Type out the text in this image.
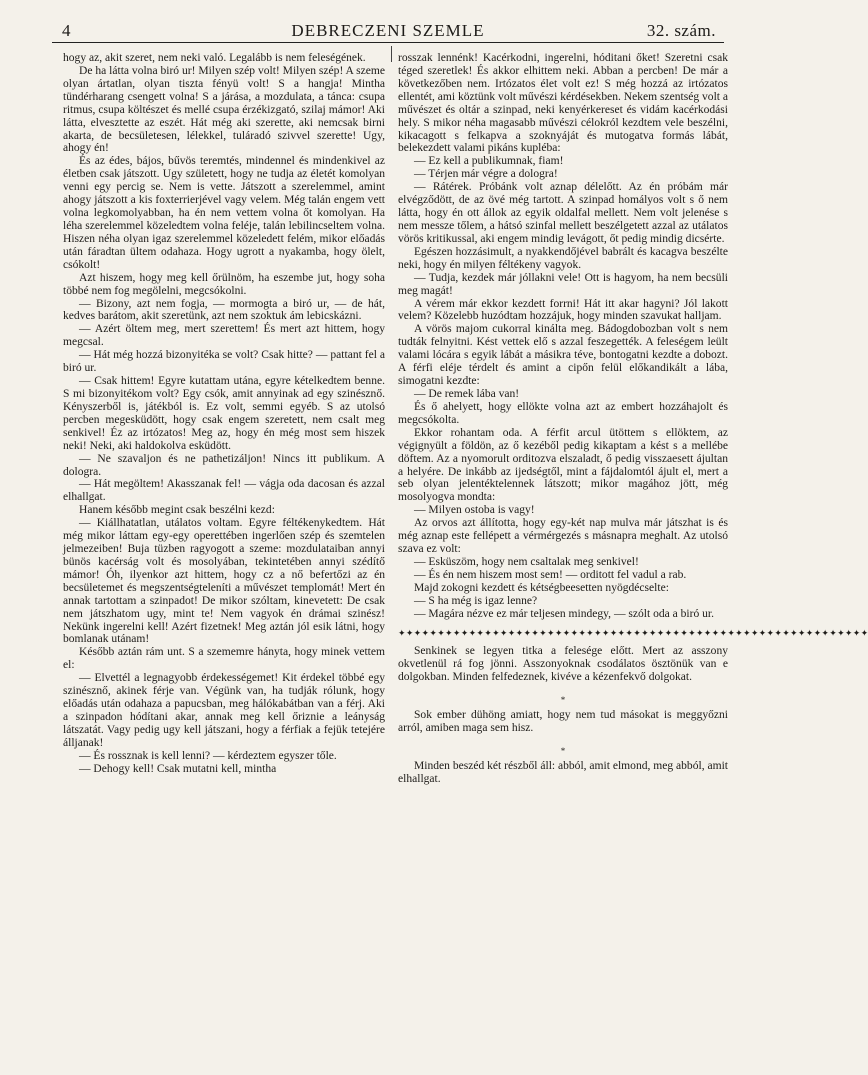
4	DEBRECZENI SZEMLE	32. szám.

hogy az, akit szeret, nem neki való. Legalább is nem feleségének.

De ha látta volna biró ur! Milyen szép volt! Milyen szép! A szeme olyan ártatlan, olyan tiszta fényü volt! S a hangja! Mintha tündérharang csengett volna! S a járása, a mozdulata, a tánca: csupa ritmus, csupa költészet és mellé csupa érzékizgató, szilaj mámor! Aki látta, elvesztette az eszét. Hát még aki szerette, aki nemcsak birni akarta, de becsületesen, lélekkel, tuláradó szivvel szerette! Ugy, ahogy én!

És az édes, bájos, bűvös teremtés, mindennel és mindenkivel az életben csak játszott. Ugy született, hogy ne tudja az életét komolyan venni egy percig se. Nem is vette. Játszott a szerelemmel, amint ahogy játszott a kis foxterrierjével vagy velem. Még talán engem vett volna legkomolyabban, ha én nem vettem volna őt komolyan. Ha léha szerelemmel közeledtem volna feléje, talán lebilincseltem volna. Hiszen néha olyan igaz szerelemmel közeledett felém, mikor előadás után fáradtan ültem odahaza. Hogy ugrott a nyakamba, hogy ölelt, csókolt!

Azt hiszem, hogy meg kell őrülnöm, ha eszembe jut, hogy soha többé nem fog megölelni, megcsókolni.

— Bizony, azt nem fogja, — mormogta a biró ur, — de hát, kedves barátom, akit szeretünk, azt nem szoktuk ám lebicskázni.

— Azért öltem meg, mert szerettem! És mert azt hittem, hogy megcsal.

— Hát még hozzá bizonyitéka se volt? Csak hitte? — pattant fel a biró ur.

— Csak hittem! Egyre kutattam utána, egyre kételkedtem benne. S mi bizonyitékom volt? Egy csók, amit annyinak ad egy szinésznő. Kényszerből is, játékból is. Ez volt, semmi egyéb. S az utolsó percben megesküdött, hogy csak engem szeretett, nem csalt meg senkivel! Éz az irtózatos! Meg az, hogy én még most sem hiszek neki! Neki, aki haldokolva esküdött.

— Ne szavaljon és ne pathetizáljon! Nincs itt publikum. A dologra.

— Hát megöltem! Akasszanak fel! — vágja oda dacosan és azzal elhallgat.

Hanem később megint csak beszélni kezd:

— Kiállhatatlan, utálatos voltam. Egyre féltékenykedtem. Hát még mikor láttam egy-egy operettében ingerlően szép és szemtelen jelmezeiben! Buja tüzben ragyogott a szeme: mozdulataiban annyi bünös kacérság volt és mosolyában, tekintetében annyi szédítő mámor! Óh, ilyenkor azt hittem, hogy cz a nő befertőzi az én becsületemet és megszentségteleníti a művészet templomát! Mert én annak tartottam a szinpadot! De mikor szóltam, kinevetett: De csak nem játszhatom ugy, mint te! Nem vagyok én drámai szinész! Nekünk ingerelni kell! Azért fizetnek! Meg aztán jól esik látni, hogy bomlanak utánam!

Később aztán rám unt. S a szememre hányta, hogy minek vettem el:

— Elvettél a legnagyobb érdekességemet! Kit érdekel többé egy szinésznő, akinek férje van. Végünk van, ha tudják rólunk, hogy előadás után odahaza a papucsban, meg hálókabátban van a férj. Aki a szinpadon hódítani akar, annak meg kell őriznie a leányság látszatát. Vagy pedig ugy kell játszani, hogy a férfiak a fejük tetejére álljanak!

— És rossznak is kell lenni? — kérdeztem egyszer tőle.

— Dehogy kell! Csak mutatni kell, mintha

rosszak lennénk! Kacérkodni, ingerelni, hóditani őket! Szeretni csak téged szeretlek! És akkor elhittem neki. Abban a percben! De már a következőben nem. Irtózatos élet volt ez! S még hozzá az irtózatos ellentét, ami köztünk volt művészi kérdésekben. Nekem szentség volt a művészet és oltár a szinpad, neki kenyérkereset és vidám kacérkodási hely. S mikor néha magasabb művészi célokról kezdtem vele beszélni, kikacagott s felkapva a szoknyáját és mutogatva formás lábát, belekezdett valami pikáns kupléba:

— Ez kell a publikumnak, fiam!

— Térjen már végre a dologra!

— Rátérek. Próbánk volt aznap délelőtt. Az én próbám már elvégződött, de az övé még tartott. A szinpad homályos volt s ő nem látta, hogy én ott állok az egyik oldalfal mellett. Nem volt jelenése s nem messze tőlem, a hátsó szinfal mellett beszélgetett azzal az utálatos vörös kritikussal, aki engem mindig levágott, őt pedig mindig dicsérte.

Egészen hozzásimult, a nyakkendőjével babrált és kacagva beszélte neki, hogy én milyen féltékeny vagyok.

— Tudja, kezdek már jóllakni vele! Ott is hagyom, ha nem becsüli meg magát!

A vérem már ekkor kezdett forrni! Hát itt akar hagyni? Jól lakott velem? Közelebb huzódtam hozzájuk, hogy minden szavukat halljam.

A vörös majom cukorral kinálta meg. Bádogdobozban volt s nem tudták felnyitni. Kést vettek elő s azzal feszegették. A feleségem leült valami lócára s egyik lábát a másikra téve, bontogatni kezdte a dobozt. A férfi eléje térdelt és amint a cipőn felül előkandikált a lába, simogatni kezdte:

— De remek lába van!

És ő ahelyett, hogy ellökte volna azt az embert hozzáhajolt és megcsókolta.

Ekkor rohantam oda. A férfit arcul ütöttem s ellöktem, az végignyült a földön, az ő kezéből pedig kikaptam a kést s a mellébe döftem. Az a nyomorult orditozva elszaladt, ő pedig visszaesett ájultan a helyére. De inkább az ijedségtől, mint a fájdalomtól ájult el, mert a seb olyan jelentéktelennek látszott; mikor magához jött, még mosolyogva mondta:

— Milyen ostoba is vagy!

Az orvos azt állította, hogy egy-két nap mulva már játszhat is és még aznap este fellépett a vérmérgezés s másnapra meghalt. Az utolsó szava ez volt:

— Esküszöm, hogy nem csaltalak meg senkivel!

— És én nem hiszem most sem! — orditott fel vadul a rab.

Majd zokogni kezdett és kétségbeesetten nyögdécselte:

— S ha még is igaz lenne?

— Magára nézve ez már teljesen mindegy, — szólt oda a biró ur.

✦✦✦✦✦✦✦✦✦✦✦✦✦✦✦✦✦✦✦✦✦✦✦✦✦✦✦✦✦✦✦✦✦✦✦✦✦✦✦✦✦✦✦✦✦✦✦✦✦✦✦✦✦✦✦✦✦✦✦✦

Senkinek se legyen titka a felesége előtt. Mert az asszony okvetlenül rá fog jönni. Asszonyoknak csodálatos ösztönük van e dolgokban. Minden felfedeznek, kivéve a kézenfekvő dolgokat.

*

Sok ember dühöng amiatt, hogy nem tud másokat is meggyőzni arról, amiben maga sem hisz.

*

Minden beszéd két részből áll: abból, amit elmond, meg abból, amit elhallgat.
